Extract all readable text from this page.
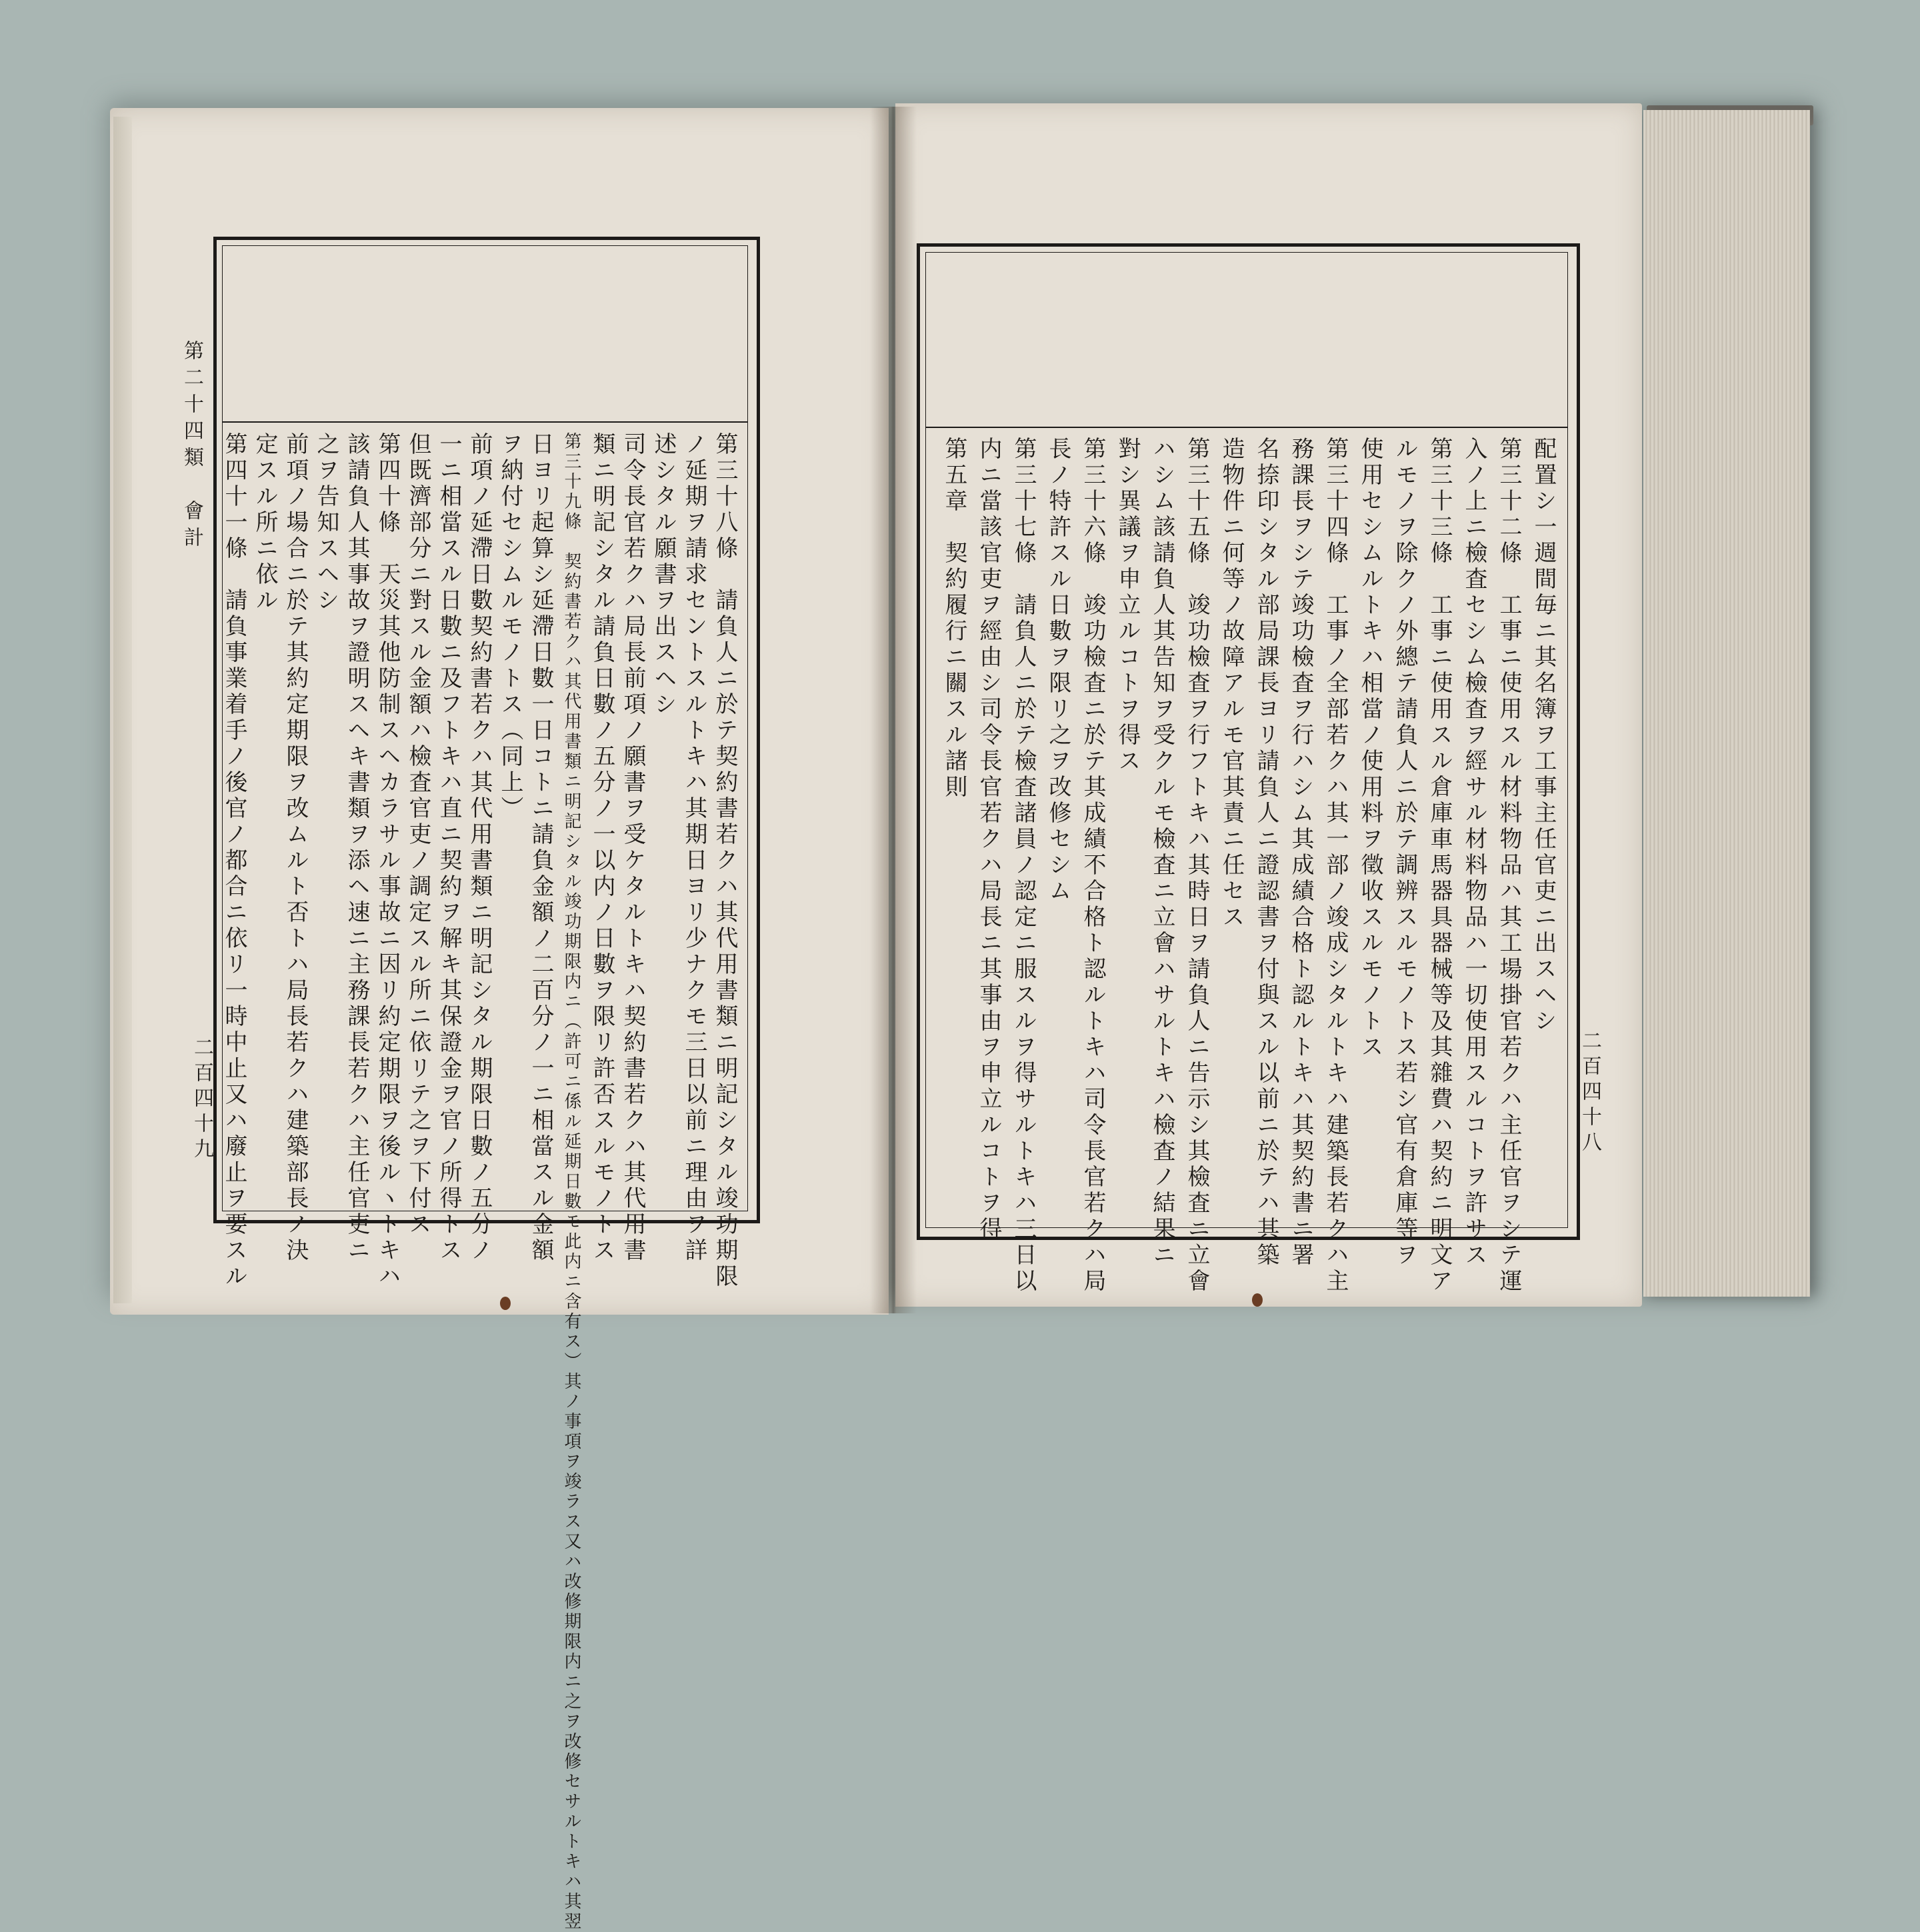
第二十四類　會計
二百四十九	二百四十八

第三十八條　請負人ニ於テ契約書若クハ其代用書類ニ明記シタル竣功期限
ノ延期ヲ請求セントスルトキハ其期日ヨリ少ナクモ三日以前ニ理由ヲ詳
述シタル願書ヲ出スヘシ
司令長官若クハ局長前項ノ願書ヲ受ケタルトキハ契約書若クハ其代用書
類ニ明記シタル請負日數ノ五分ノ一以内ノ日數ヲ限リ許否スルモノトス
第三十九條　契約書若クハ其代用書類ニ明記シタル竣功期限内ニ（許可ニ係ル延期日數モ此内ニ含有ス）其ノ事項ヲ竣ラス又ハ改修期限内ニ之ヲ改修セサルトキハ其翌
日ヨリ起算シ延滯日數一日コトニ請負金額ノ二百分ノ一ニ相當スル金額
ヲ納付セシムルモノトス（同上）
前項ノ延滯日數契約書若クハ其代用書類ニ明記シタル期限日數ノ五分ノ
一ニ相當スル日數ニ及フトキハ直ニ契約ヲ解キ其保證金ヲ官ノ所得トス
但既濟部分ニ對スル金額ハ檢査官吏ノ調定スル所ニ依リテ之ヲ下付ス
第四十條　天災其他防制スヘカラサル事故ニ因リ約定期限ヲ後ルヽトキハ
該請負人其事故ヲ證明スヘキ書類ヲ添ヘ速ニ主務課長若クハ主任官吏ニ
之ヲ告知スヘシ
前項ノ場合ニ於テ其約定期限ヲ改ムルト否トハ局長若クハ建築部長ノ決
定スル所ニ依ル
第四十一條　請負事業着手ノ後官ノ都合ニ依リ一時中止又ハ廢止ヲ要スル	配置シ一週間毎ニ其名簿ヲ工事主任官吏ニ出スヘシ
第三十二條　工事ニ使用スル材料物品ハ其工場掛官若クハ主任官ヲシテ運
入ノ上ニ檢査セシム檢査ヲ經サル材料物品ハ一切使用スルコトヲ許サス
第三十三條　工事ニ使用スル倉庫車馬器具器械等及其雜費ハ契約ニ明文ア
ルモノヲ除クノ外總テ請負人ニ於テ調辨スルモノトス若シ官有倉庫等ヲ
使用セシムルトキハ相當ノ使用料ヲ徵收スルモノトス
第三十四條　工事ノ全部若クハ其一部ノ竣成シタルトキハ建築長若クハ主
務課長ヲシテ竣功檢査ヲ行ハシム其成績合格ト認ルトキハ其契約書ニ署
名捺印シタル部局課長ヨリ請負人ニ證認書ヲ付與スル以前ニ於テハ其築
造物件ニ何等ノ故障アルモ官其責ニ任セス
第三十五條　竣功檢査ヲ行フトキハ其時日ヲ請負人ニ告示シ其檢査ニ立會
ハシム該請負人其告知ヲ受クルモ檢査ニ立會ハサルトキハ檢査ノ結果ニ
對シ異議ヲ申立ルコトヲ得ス
第三十六條　竣功檢査ニ於テ其成績不合格ト認ルトキハ司令長官若クハ局
長ノ特許スル日數ヲ限リ之ヲ改修セシム
第三十七條　請負人ニ於テ檢査諸員ノ認定ニ服スルヲ得サルトキハ三日以
内ニ當該官吏ヲ經由シ司令長官若クハ局長ニ其事由ヲ申立ルコトヲ得
第五章　契約履行ニ關スル諸則
